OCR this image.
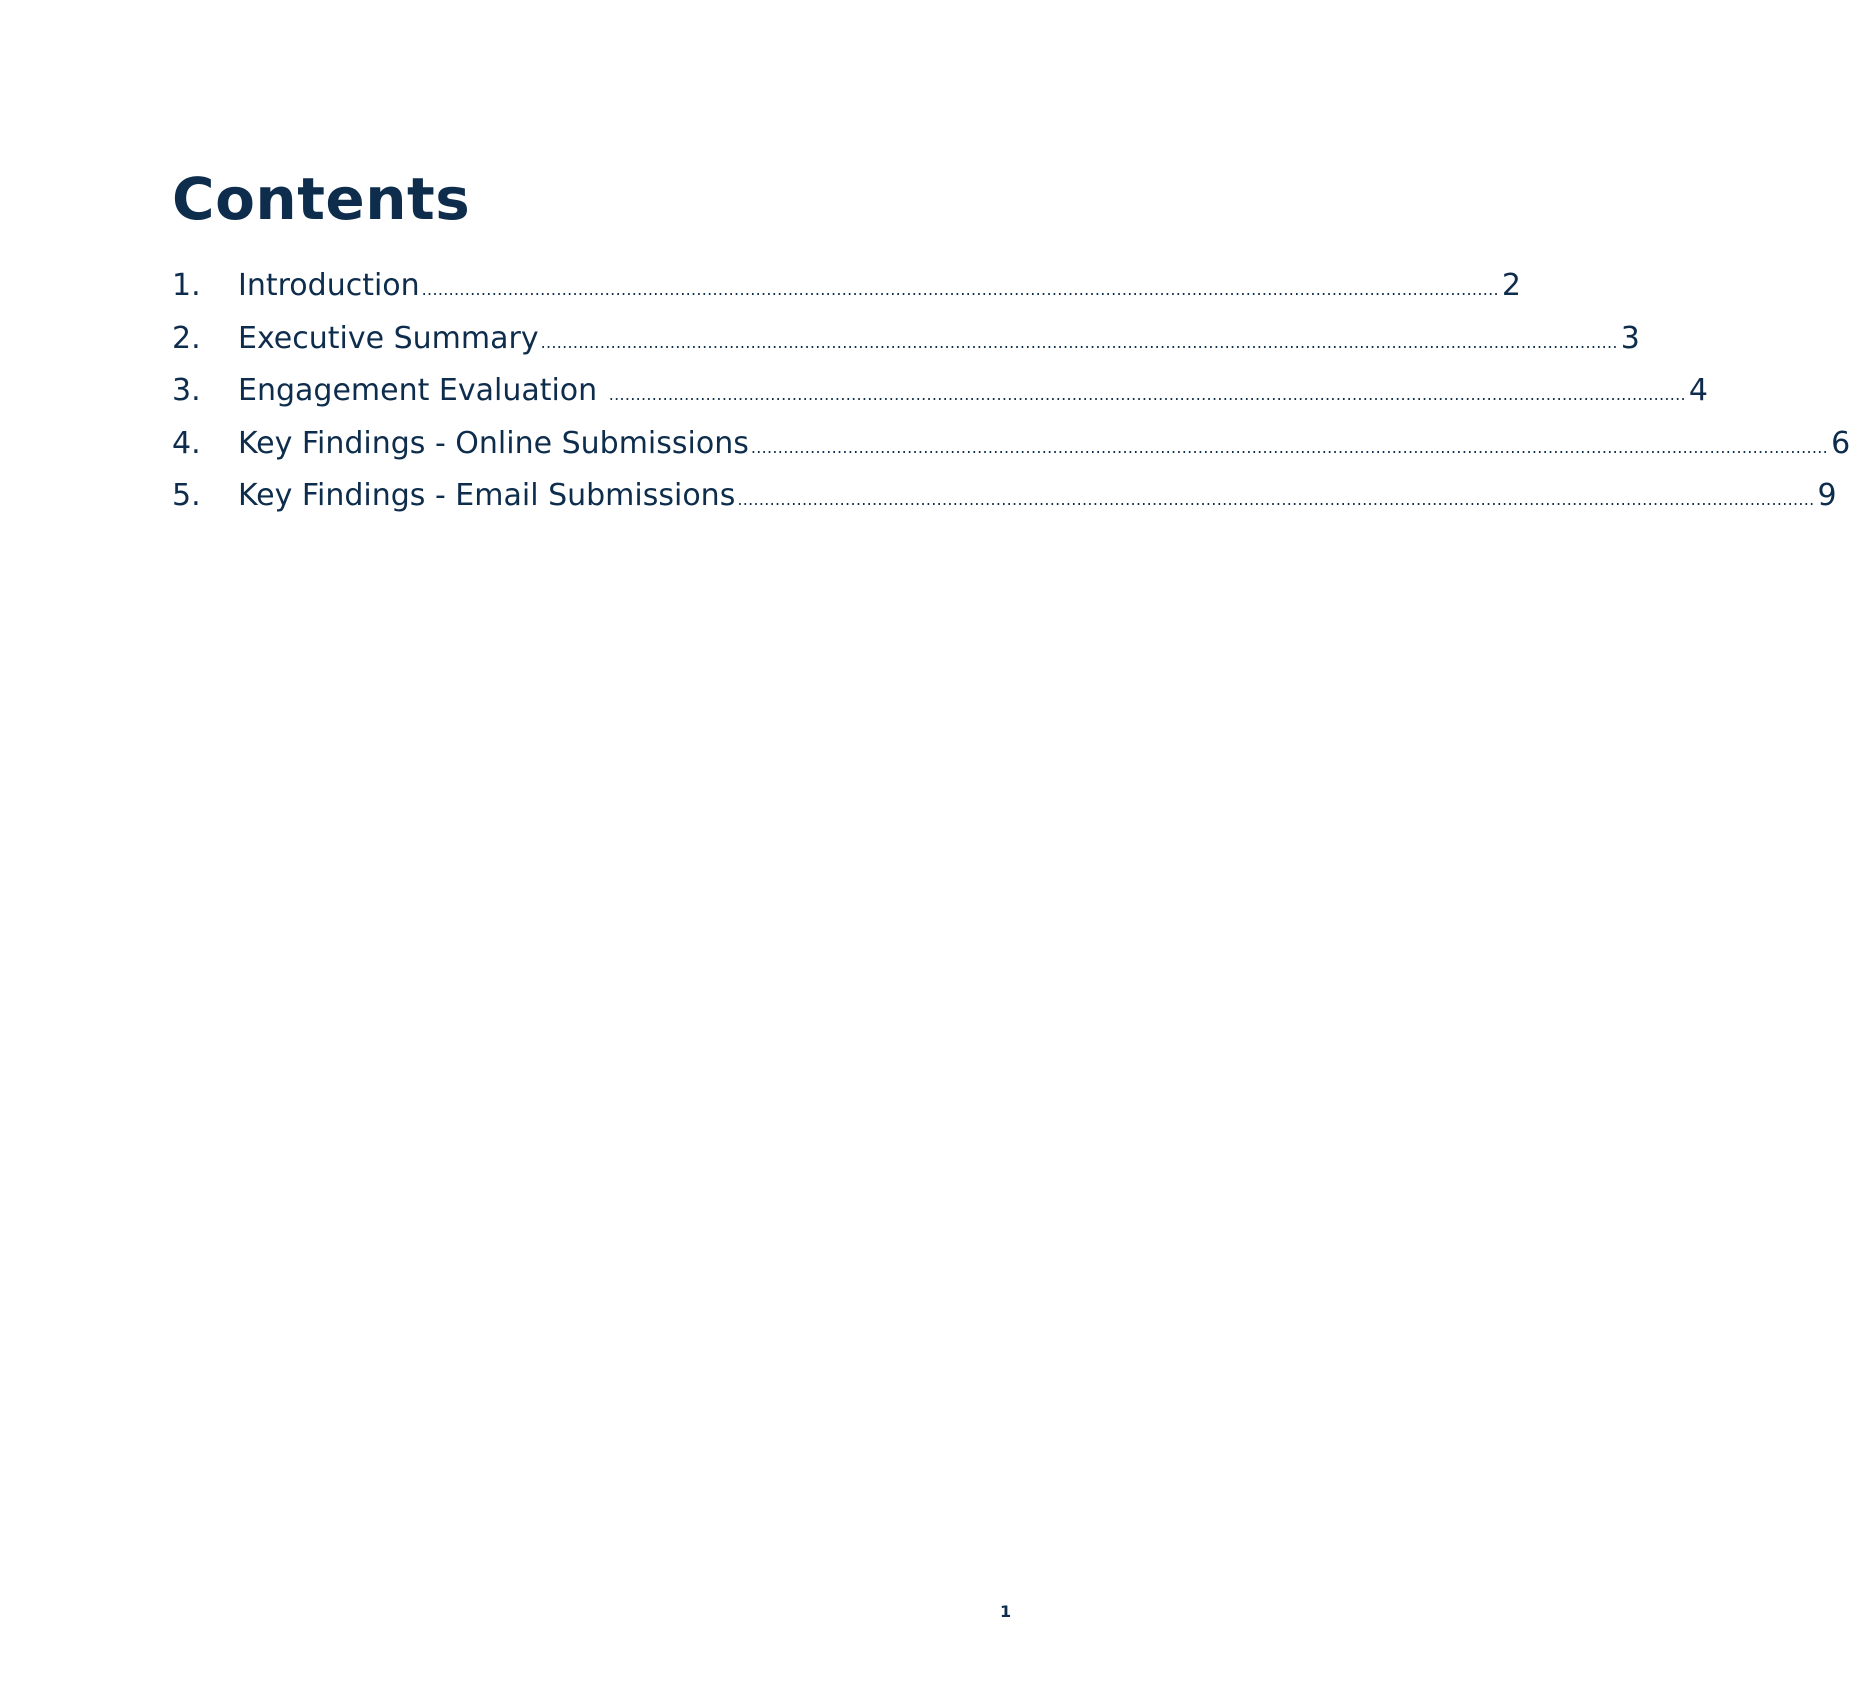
Contents
1.	Introduction ........................................................................................................................................................................................................ 2
2.	Executive Summary ........................................................................................................................................................................................................ 3
3.	Engagement Evaluation ........................................................................................................................................................................................................ 4
4.	Key Findings - Online Submissions ........................................................................................................................................................................................................ 6
5.	Key Findings - Email Submissions ........................................................................................................................................................................................................ 9
1
